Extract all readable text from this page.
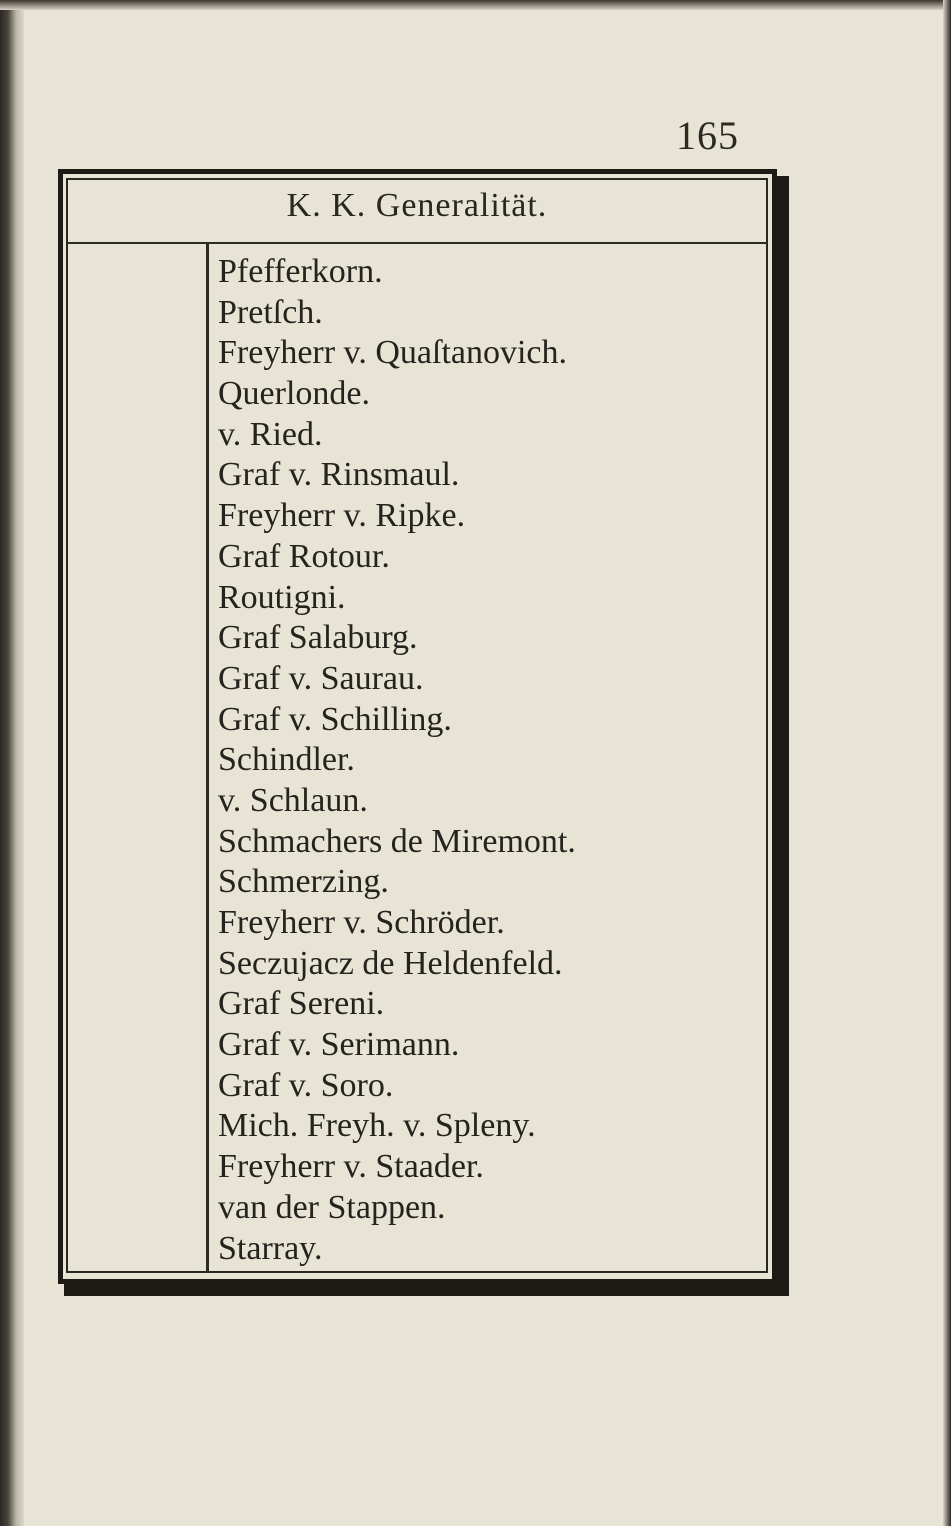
165
K. K. Generalität.
Pfefferkorn.
Pretſch.
Freyherr v. Quaſtanovich.
Querlonde.
v. Ried.
Graf v. Rinsmaul.
Freyherr v. Ripke.
Graf Rotour.
Routigni.
Graf Salaburg.
Graf v. Saurau.
Graf v. Schilling.
Schindler.
v. Schlaun.
Schmachers de Miremont.
Schmerzing.
Freyherr v. Schröder.
Seczujacz de Heldenfeld.
Graf Sereni.
Graf v. Serimann.
Graf v. Soro.
Mich. Freyh. v. Spleny.
Freyherr v. Staader.
van der Stappen.
Starray.
